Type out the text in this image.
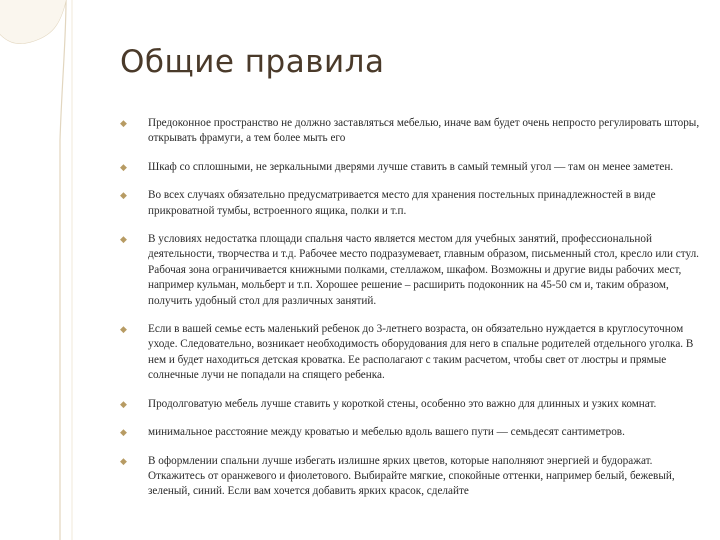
Общие правила
◆ Предоконное пространство не должно заставляться мебелью, иначе вам будет очень непросто регулировать шторы, открывать фрамуги, а тем более мыть его
◆ Шкаф со сплошными, не зеркальными дверями лучше ставить в самый темный угол — там он менее заметен.
◆ Во всех случаях обязательно предусматривается место для хранения постельных принадлежностей в виде прикроватной тумбы, встроенного ящика, полки и т.п.
◆ В условиях недостатка площади спальня часто является местом для учебных занятий, профессиональной деятельности, творчества и т.д. Рабочее место подразумевает, главным образом, письменный стол, кресло или стул. Рабочая зона ограничивается книжными полками, стеллажом, шкафом. Возможны и другие виды рабочих мест, например кульман, мольберт и т.п. Хорошее решение – расширить подоконник на 45-50 см и, таким образом, получить удобный стол для различных занятий.
◆ Если в вашей семье есть маленький ребенок до 3-летнего возраста, он обязательно нуждается в круглосуточном уходе. Следовательно, возникает необходимость оборудования для него в спальне родителей отдельного уголка. В нем и будет находиться детская кроватка. Ее располагают с таким расчетом, чтобы свет от люстры и прямые солнечные лучи не попадали на спящего ребенка.
◆ Продолговатую мебель лучше ставить у короткой стены, особенно это важно для длинных и узких комнат.
◆ минимальное расстояние между кроватью и мебелью вдоль вашего пути — семьдесят сантиметров.
◆ В оформлении спальни лучше избегать излишне ярких цветов, которые наполняют энергией и будоражат. Откажитесь от оранжевого и фиолетового. Выбирайте мягкие, спокойные оттенки, например белый, бежевый, зеленый, синий. Если вам хочется добавить ярких красок, сделайте
